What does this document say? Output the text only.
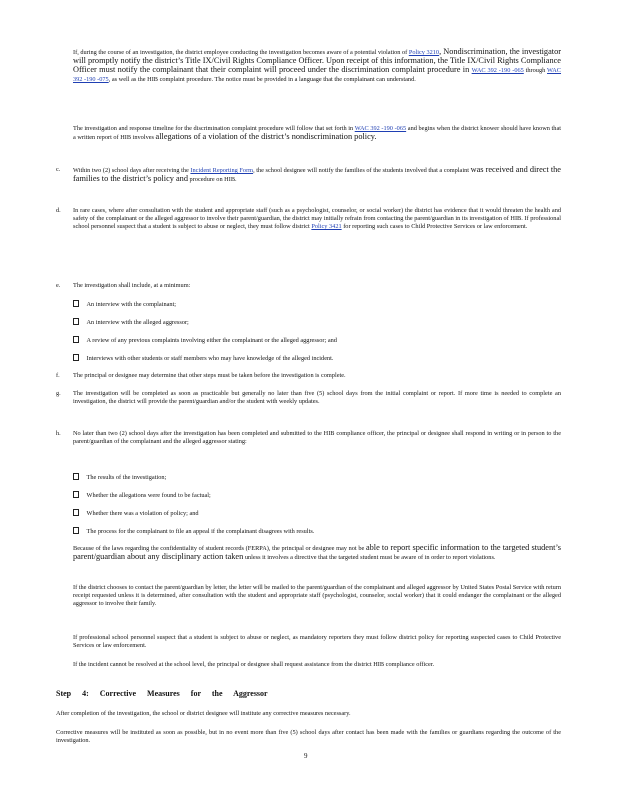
If, during the course of an investigation, the district employee conducting the investigation becomes aware of a potential violation of Policy 3210, Nondiscrimination, the investigator will promptly notify the district’s Title IX/Civil Rights Compliance Officer. Upon receipt of this information, the Title IX/Civil Rights Compliance Officer must notify the complainant that their complaint will proceed under the discrimination complaint procedure in WAC 392 -190 -065 through WAC 392 -190 -075, as well as the HIB complaint procedure. The notice must be provided in a language that the complainant can understand.
The investigation and response timeline for the discrimination complaint procedure will follow that set forth in WAC 392 -190 -065 and begins when the district knower should have known that a written report of HIB involves allegations of a violation of the district’s nondiscrimination policy.
c. Within two (2) school days after receiving the Incident Reporting Form, the school designee will notify the families of the students involved that a complaint was received and direct the families to the district’s policy and procedure on HIB.
d. In rare cases, where after consultation with the student and appropriate staff (such as a psychologist, counselor, or social worker) the district has evidence that it would threaten the health and safety of the complainant or the alleged aggressor to involve their parent/guardian, the district may initially refrain from contacting the parent/guardian in its investigation of HIB. If professional school personnel suspect that a student is subject to abuse or neglect, they must follow district Policy 3421 for reporting such cases to Child Protective Services or law enforcement.
e. The investigation shall include, at a minimum:
An interview with the complainant;
An interview with the alleged aggressor;
A review of any previous complaints involving either the complainant or the alleged aggressor; and
Interviews with other students or staff members who may have knowledge of the alleged incident.
f. The principal or designee may determine that other steps must be taken before the investigation is complete.
g. The investigation will be completed as soon as practicable but generally no later than five (5) school days from the initial complaint or report. If more time is needed to complete an investigation, the district will provide the parent/guardian and/or the student with weekly updates.
h. No later than two (2) school days after the investigation has been completed and submitted to the HIB compliance officer, the principal or designee shall respond in writing or in person to the parent/guardian of the complainant and the alleged aggressor stating:
The results of the investigation;
Whether the allegations were found to be factual;
Whether there was a violation of policy; and
The process for the complainant to file an appeal if the complainant disagrees with results.
Because of the laws regarding the confidentiality of student records (FERPA), the principal or designee may not be able to report specific information to the targeted student’s parent/guardian about any disciplinary action taken unless it involves a directive that the targeted student must be aware of in order to report violations.
If the district chooses to contact the parent/guardian by letter, the letter will be mailed to the parent/guardian of the complainant and alleged aggressor by United States Postal Service with return receipt requested unless it is determined, after consultation with the student and appropriate staff (psychologist, counselor, social worker) that it could endanger the complainant or the alleged aggressor to involve their family.
If professional school personnel suspect that a student is subject to abuse or neglect, as mandatory reporters they must follow district policy for reporting suspected cases to Child Protective Services or law enforcement.
If the incident cannot be resolved at the school level, the principal or designee shall request assistance from the district HIB compliance officer.
Step 4: Corrective Measures for the Aggressor
After completion of the investigation, the school or district designee will institute any corrective measures necessary.
Corrective measures will be instituted as soon as possible, but in no event more than five (5) school days after contact has been made with the families or guardians regarding the outcome of the investigation.
9
